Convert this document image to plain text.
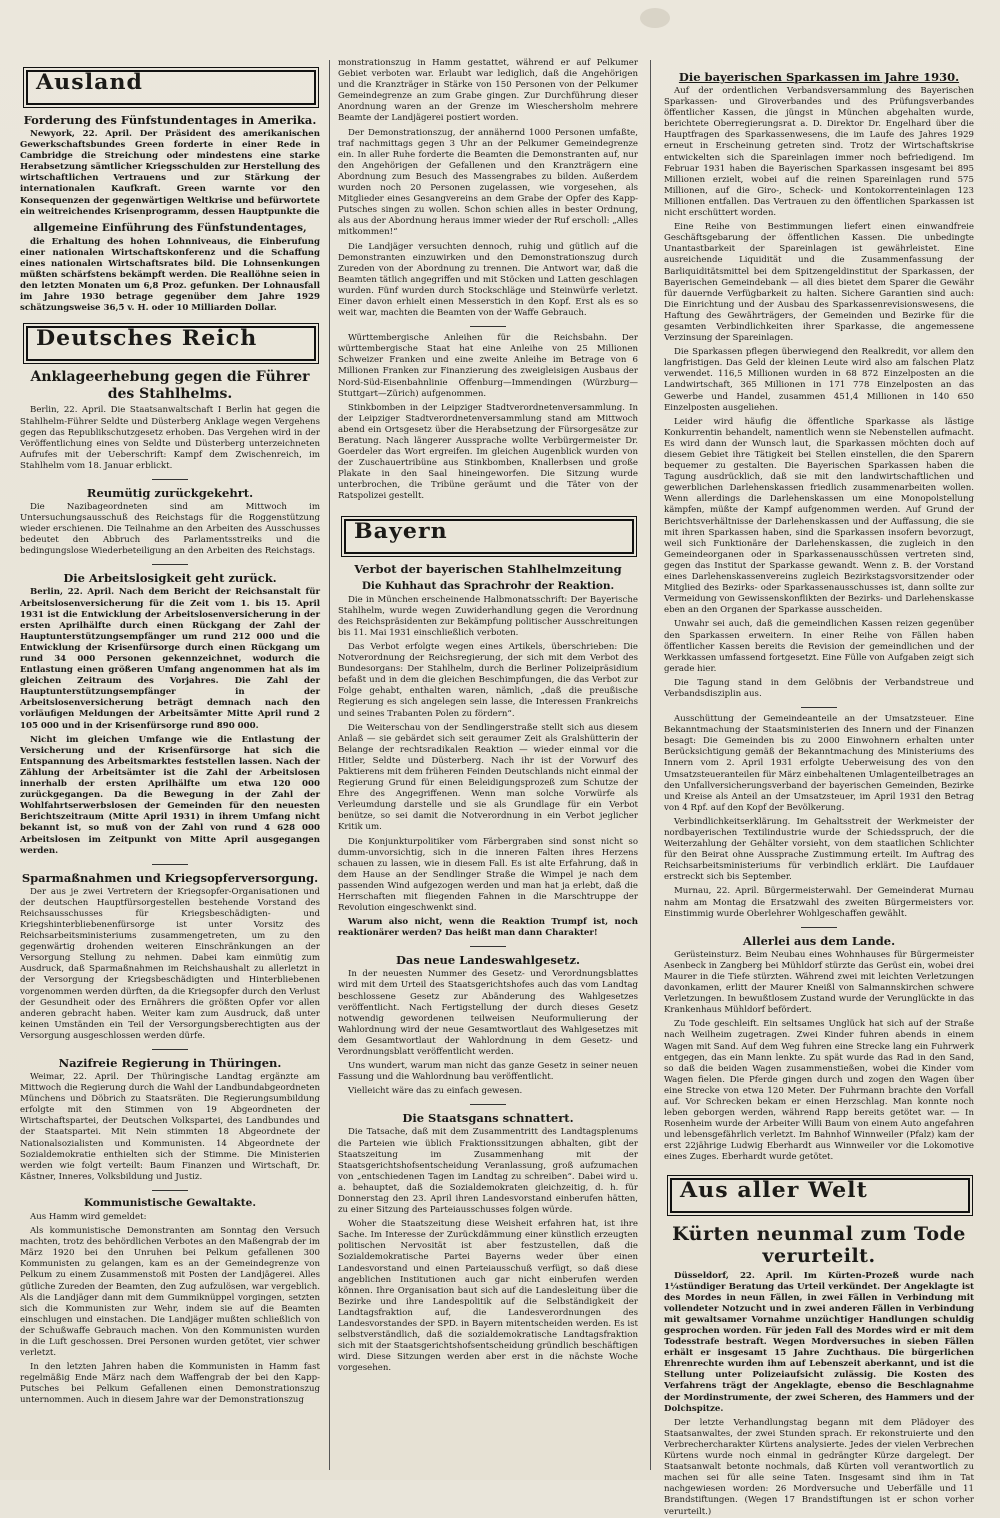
Ausland
Forderung des Fünfstundentages in Amerika.

Newyork, 22. April. Der Präsident des amerikanischen Gewerkschaftsbundes Green forderte in einer Rede in Cambridge die Streichung oder mindestens eine starke Herabsetzung sämtlicher Kriegsschulden zur Herstellung des wirtschaftlichen Vertrauens und zur Stärkung der internationalen Kaufkraft. Green warnte vor den Konsequenzen der gegenwärtigen Weltkrise und befürwortete ein weitreichendes Krisenprogramm, dessen Hauptpunkte die

allgemeine Einführung des Fünfstundentages,

die Erhaltung des hohen Lohnniveaus, die Einberufung einer nationalen Wirtschaftskonferenz und die Schaffung eines nationalen Wirtschaftsrates bild. Die Lohnsenkungen müßten schärfstens bekämpft werden. Die Reallöhne seien in den letzten Monaten um 6,8 Proz. gefunken. Der Lohnausfall im Jahre 1930 betrage gegenüber dem Jahre 1929 schätzungsweise 36,5 v. H. oder 10 Milliarden Dollar.

Deutsches Reich
Anklageerhebung gegen die Führer des Stahlhelms.

Berlin, 22. April. Die Staatsanwaltschaft I Berlin hat gegen die Stahlhelm-Führer Seldte und Düsterberg Anklage wegen Vergehens gegen das Republikschutzgesetz erhoben. Das Vergehen wird in der Veröffentlichung eines von Seldte und Düsterberg unterzeichneten Aufrufes mit der Ueberschrift: Kampf dem Zwischenreich, im Stahlhelm vom 18. Januar erblickt.

Reumütig zurückgekehrt.

Die Nazibageordneten sind am Mittwoch im Untersuchungsausschuß des Reichstags für die Roggenstützung wieder erschienen. Die Teilnahme an den Arbeiten des Ausschusses bedeutet den Abbruch des Parlamentsstreiks und die bedingungslose Wiederbeteiligung an den Arbeiten des Reichstags.

Die Arbeitslosigkeit geht zurück.

Berlin, 22. April. Nach dem Bericht der Reichsanstalt für Arbeitslosenversicherung für die Zeit vom 1. bis 15. April 1931 ist die Entwicklung der Arbeitslosenversicherung in der ersten Aprilhälfte durch einen Rückgang der Zahl der Hauptunterstützungsempfänger um rund 212 000 und die Entwicklung der Krisenfürsorge durch einen Rückgang um rund 34 000 Personen gekennzeichnet, wodurch die Entlastung einen größeren Umfang angenommen hat als im gleichen Zeitraum des Vorjahres. Die Zahl der Hauptunterstützungsempfänger in der Arbeitslosenversicherung beträgt demnach nach den vorläufigen Meldungen der Arbeitsämter Mitte April rund 2 105 000 und in der Krisenfürsorge rund 890 000.

Nicht im gleichen Umfange wie die Entlastung der Versicherung und der Krisenfürsorge hat sich die Entspannung des Arbeitsmarktes feststellen lassen. Nach der Zählung der Arbeitsämter ist die Zahl der Arbeitslosen innerhalb der ersten Aprilhälfte um etwa 120 000 zurückgegangen. Da die Bewegung in der Zahl der Wohlfahrtserwerbslosen der Gemeinden für den neuesten Berichtszeitraum (Mitte April 1931) in ihrem Umfang nicht bekannt ist, so muß von der Zahl von rund 4 628 000 Arbeitslosen im Zeitpunkt von Mitte April ausgegangen werden.

Sparmaßnahmen und Kriegsopferversorgung.

Der aus je zwei Vertretern der Kriegsopfer-Organisationen und der deutschen Hauptfürsorgestellen bestehende Vorstand des Reichsausschusses für Kriegsbeschädigten- und Kriegshinterbliebenenfürsorge ist unter Vorsitz des Reichsarbeitsministeriums zusammengetreten, um zu den gegenwärtig drohenden weiteren Einschränkungen an der Versorgung Stellung zu nehmen. Dabei kam einmütig zum Ausdruck, daß Sparmaßnahmen im Reichshaushalt zu allerletzt in der Versorgung der Kriegsbeschädigten und Hinterbliebenen vorgenommen werden dürften, da die Kriegsopfer durch den Verlust der Gesundheit oder des Ernährers die größten Opfer vor allen anderen gebracht haben. Weiter kam zum Ausdruck, daß unter keinen Umständen ein Teil der Versorgungsberechtigten aus der Versorgung ausgeschlossen werden dürfe.

Nazifreie Regierung in Thüringen.

Weimar, 22. April. Der Thüringische Landtag ergänzte am Mittwoch die Regierung durch die Wahl der Landbundabgeordneten Münchens und Döbrich zu Staatsräten. Die Regierungsumbildung erfolgte mit den Stimmen von 19 Abgeordneten der Wirtschaftspartei, der Deutschen Volkspartei, des Landbundes und der Staatspartei. Mit Nein stimmten 18 Abgeordnete der Nationalsozialisten und Kommunisten. 14 Abgeordnete der Sozialdemokratie enthielten sich der Stimme. Die Ministerien werden wie folgt verteilt: Baum Finanzen und Wirtschaft, Dr. Kästner, Inneres, Volksbildung und Justiz.

Kommunistische Gewaltakte.

Aus Hamm wird gemeldet:

Als kommunistische Demonstranten am Sonntag den Versuch machten, trotz des behördlichen Verbotes an den Maßengrab der im März 1920 bei den Unruhen bei Pelkum gefallenen 300 Kommunisten zu gelangen, kam es an der Gemeindegrenze von Pelkum zu einem Zusammenstoß mit Posten der Landjägerei. Alles gütliche Zureden der Beamten, den Zug aufzulösen, war vergeblich. Als die Landjäger dann mit dem Gummiknüppel vorgingen, setzten sich die Kommunisten zur Wehr, indem sie auf die Beamten einschlugen und einstachen. Die Landjäger mußten schließlich von der Schußwaffe Gebrauch machen. Von den Kommunisten wurden in die Luft geschossen. Drei Personen wurden getötet, vier schwer verletzt.

In den letzten Jahren haben die Kommunisten in Hamm fast regelmäßig Ende März nach dem Waffengrab der bei den Kapp-Putsches bei Pelkum Gefallenen einen Demonstrationszug unternommen. Auch in diesem Jahre war der Demonstrationszug

monstrationszug in Hamm gestattet, während er auf Pelkumer Gebiet verboten war. Erlaubt war lediglich, daß die Angehörigen und die Kranzträger in Stärke von 150 Personen von der Pelkumer Gemeindegrenze an zum Grabe gingen. Zur Durchführung dieser Anordnung waren an der Grenze im Wieschersholm mehrere Beamte der Landjägerei postiert worden.

Der Demonstrationszug, der annähernd 1000 Personen umfaßte, traf nachmittags gegen 3 Uhr an der Pelkumer Gemeindegrenze ein. In aller Ruhe forderte die Beamten die Demonstranten auf, nur den Angehörigen der Gefallenen und den Kranzträgern eine Abordnung zum Besuch des Massengrabes zu bilden. Außerdem wurden noch 20 Personen zugelassen, wie vorgesehen, als Mitglieder eines Gesangvereins an dem Grabe der Opfer des Kapp-Putsches singen zu wollen. Schon schien alles in bester Ordnung, als aus der Abordnung heraus immer wieder der Ruf erscholl: „Alles mitkommen!“

Die Landjäger versuchten dennoch, ruhig und gütlich auf die Demonstranten einzuwirken und den Demonstrationszug durch Zureden von der Abordnung zu trennen. Die Antwort war, daß die Beamten tätlich angegriffen und mit Stöcken und Latten geschlagen wurden. Fünf wurden durch Stockschläge und Steinwürfe verletzt. Einer davon erhielt einen Messerstich in den Kopf. Erst als es so weit war, machten die Beamten von der Waffe Gebrauch.

Württembergische Anleihen für die Reichsbahn. Der württembergische Staat hat eine Anleihe von 25 Millionen Schweizer Franken und eine zweite Anleihe im Betrage von 6 Millionen Franken zur Finanzierung des zweigleisigen Ausbaus der Nord-Süd-Eisenbahnlinie Offenburg—Immendingen (Würzburg—Stuttgart—Zürich) aufgenommen.

Stinkbomben in der Leipziger Stadtverordnetenversammlung. In der Leipziger Stadtverordnetenversammlung stand am Mittwoch abend ein Ortsgesetz über die Herabsetzung der Fürsorgesätze zur Beratung. Nach längerer Aussprache wollte Verbürgermeister Dr. Goerdeler das Wort ergreifen. Im gleichen Augenblick wurden von der Zuschauertribüne aus Stinkbomben, Knallerbsen und große Plakate in den Saal hineingeworfen. Die Sitzung wurde unterbrochen, die Tribüne geräumt und die Täter von der Ratspolizei gestellt.

Bayern
Verbot der bayerischen Stahlhelmzeitung
Die Kuhhaut das Sprachrohr der Reaktion.

Die in München erscheinende Halbmonatsschrift: Der Bayerische Stahlhelm, wurde wegen Zuwiderhandlung gegen die Verordnung des Reichspräsidenten zur Bekämpfung politischer Ausschreitungen bis 11. Mai 1931 einschließlich verboten.

Das Verbot erfolgte wegen eines Artikels, überschrieben: Die Notverordnung der Reichsregierung, der sich mit dem Verbot des Bundesorgans: Der Stahlhelm, durch die Berliner Polizeipräsidium befaßt und in dem die gleichen Beschimpfungen, die das Verbot zur Folge gehabt, enthalten waren, nämlich, „daß die preußische Regierung es sich angelegen sein lasse, die Interessen Frankreichs und seines Trabanten Polen zu fördern“.

Die Weiterschau von der Sendlingerstraße stellt sich aus diesem Anlaß — sie gebärdet sich seit geraumer Zeit als Gralshütterin der Belange der rechtsradikalen Reaktion — wieder einmal vor die Hitler, Seldte und Düsterberg. Nach ihr ist der Vorwurf des Paktierens mit dem früheren Feinden Deutschlands nicht einmal der Regierung Grund für einen Beleidigungsprozeß zum Schutze der Ehre des Angegriffenen. Wenn man solche Vorwürfe als Verleumdung darstelle und sie als Grundlage für ein Verbot benütze, so sei damit die Notverordnung in ein Verbot jeglicher Kritik um.

Die Konjunkturpolitiker vom Färbergraben sind sonst nicht so dumm-unvorsichtig, sich in die inneren Falten ihres Herzens schauen zu lassen, wie in diesem Fall. Es ist alte Erfahrung, daß in dem Hause an der Sendlinger Straße die Wimpel je nach dem passenden Wind aufgezogen werden und man hat ja erlebt, daß die Herrschaften mit fliegenden Fahnen in die Marschtruppe der Revolution eingeschwenkt sind.

Warum also nicht, wenn die Reaktion Trumpf ist, noch reaktionärer werden? Das heißt man dann Charakter!

Das neue Landeswahlgesetz.

In der neuesten Nummer des Gesetz- und Verordnungsblattes wird mit dem Urteil des Staatsgerichtshofes auch das vom Landtag beschlossene Gesetz zur Abänderung des Wahlgesetzes veröffentlicht. Nach Fertigstellung der durch dieses Gesetz notwendig gewordenen teilweisen Neuformulierung der Wahlordnung wird der neue Gesamtwortlaut des Wahlgesetzes mit dem Gesamtwortlaut der Wahlordnung in dem Gesetz- und Verordnungsblatt veröffentlicht werden.

Uns wundert, warum man nicht das ganze Gesetz in seiner neuen Fassung und die Wahlordnung bau veröffentlicht.

Vielleicht wäre das zu einfach gewesen.

Die Staatsgans schnattert.

Die Tatsache, daß mit dem Zusammentritt des Landtagsplenums die Parteien wie üblich Fraktionssitzungen abhalten, gibt der Staatszeitung im Zusammenhang mit der Staatsgerichtshofsentscheidung Veranlassung, groß aufzumachen von „entschiedenen Tagen im Landtag zu schreiben“. Dabei wird u. a. behauptet, daß die Sozialdemokraten gleichzeitig, d. h. für Donnerstag den 23. April ihren Landesvorstand einberufen hätten, zu einer Sitzung des Parteiausschusses folgen würde.

Woher die Staatszeitung diese Weisheit erfahren hat, ist ihre Sache. Im Interesse der Zurückdämmung einer künstlich erzeugten politischen Nervosität ist aber festzustellen, daß die Sozialdemokratische Partei Bayerns weder über einen Landesvorstand und einen Parteiausschuß verfügt, so daß diese angeblichen Institutionen auch gar nicht einberufen werden können. Ihre Organisation baut sich auf die Landesleitung über die Bezirke und ihre Landespolitik auf die Selbständigkeit der Landtagsfraktion auf, die Landesverordnungen des Landesvorstandes der SPD. in Bayern mitentscheiden werden. Es ist selbstverständlich, daß die sozialdemokratische Landtagsfraktion sich mit der Staatsgerichtshofsentscheidung gründlich beschäftigen wird. Diese Sitzungen werden aber erst in die nächste Woche vorgesehen.

Die bayerischen Sparkassen im Jahre 1930.

Auf der ordentlichen Verbandsversammlung des Bayerischen Sparkassen- und Giroverbandes und des Prüfungsverbandes öffentlicher Kassen, die jüngst in München abgehalten wurde, berichtete Oberregierungsrat a. D. Direktor Dr. Engelhard über die Hauptfragen des Sparkassenwesens, die im Laufe des Jahres 1929 erneut in Erscheinung getreten sind. Trotz der Wirtschaftskrise entwickelten sich die Spareinlagen immer noch befriedigend. Im Februar 1931 haben die Bayerischen Sparkassen insgesamt bei 895 Millionen erzielt, wobei auf die reinen Spareinlagen rund 575 Millionen, auf die Giro-, Scheck- und Kontokorrenteinlagen 123 Millionen entfallen. Das Vertrauen zu den öffentlichen Sparkassen ist nicht erschüttert worden.

Eine Reihe von Bestimmungen liefert einen einwandfreie Geschäftsgebarung der öffentlichen Kassen. Die unbedingte Unantastbarkeit der Spareinlagen ist gewährleistet. Eine ausreichende Liquidität und die Zusammenfassung der Barliquiditätsmittel bei dem Spitzengeldinstitut der Sparkassen, der Bayerischen Gemeindebank — all dies bietet dem Sparer die Gewähr für dauernde Verfügbarkeit zu halten. Sichere Garantien sind auch: Die Einrichtung und der Ausbau des Sparkassenrevisionswesens, die Haftung des Gewährträgers, der Gemeinden und Bezirke für die gesamten Verbindlichkeiten ihrer Sparkasse, die angemessene Verzinsung der Spareinlagen.

Die Sparkassen pflegen überwiegend den Realkredit, vor allem den langfristigen. Das Geld der kleinen Leute wird also am falschen Platz verwendet. 116,5 Millionen wurden in 68 872 Einzelposten an die Landwirtschaft, 365 Millionen in 171 778 Einzelposten an das Gewerbe und Handel, zusammen 451,4 Millionen in 140 650 Einzelposten ausgeliehen.

Leider wird häufig die öffentliche Sparkasse als lästige Konkurrentin behandelt, namentlich wenn sie Nebenstellen aufmacht. Es wird dann der Wunsch laut, die Sparkassen möchten doch auf diesem Gebiet ihre Tätigkeit bei Stellen einstellen, die den Sparern bequemer zu gestalten. Die Bayerischen Sparkassen haben die Tagung ausdrücklich, daß sie mit den landwirtschaftlichen und gewerblichen Darlehenskassen friedlich zusammenarbeiten wollen. Wenn allerdings die Darlehenskassen um eine Monopolstellung kämpfen, müßte der Kampf aufgenommen werden. Auf Grund der Berichtsverhältnisse der Darlehenskassen und der Auffassung, die sie mit ihren Sparkassen haben, sind die Sparkassen insofern bevorzugt, weil sich Funktionäre der Darlehenskassen, die zugleich in den Gemeindeorganen oder in Sparkassenausschüssen vertreten sind, gegen das Institut der Sparkasse gewandt. Wenn z. B. der Vorstand eines Darlehenskassenvereins zugleich Bezirkstagsvorsitzender oder Mitglied des Bezirks- oder Sparkassenausschusses ist, dann sollte zur Vermeidung von Gewissenskonflikten der Bezirks- und Darlehenskasse eben an den Organen der Sparkasse ausscheiden.

Unwahr sei auch, daß die gemeindlichen Kassen reizen gegenüber den Sparkassen erweitern. In einer Reihe von Fällen haben öffentlicher Kassen bereits die Revision der gemeindlichen und der Werkkassen umfassend fortgesetzt. Eine Fülle von Aufgaben zeigt sich gerade hier.

Die Tagung stand in dem Gelöbnis der Verbandstreue und Verbandsdisziplin aus.

Ausschüttung der Gemeindeanteile an der Umsatzsteuer. Eine Bekanntmachung der Staatsministerien des Innern und der Finanzen besagt: Die Gemeinden bis zu 2000 Einwohnern erhalten unter Berücksichtigung gemäß der Bekanntmachung des Ministeriums des Innern vom 2. April 1931 erfolgte Ueberweisung des von den Umsatzsteueranteilen für März einbehaltenen Umlagenteilbetrages an den Unfallversicherungsverband der bayerischen Gemeinden, Bezirke und Kreise als Anteil an der Umsatzsteuer, im April 1931 den Betrag von 4 Rpf. auf den Kopf der Bevölkerung.

Verbindlichkeitserklärung. Im Gehaltsstreit der Werkmeister der nordbayerischen Textilindustrie wurde der Schiedsspruch, der die Weiterzahlung der Gehälter vorsieht, von dem staatlichen Schlichter für den Beirat ohne Aussprache Zustimmung erteilt. Im Auftrag des Reichsarbeitsministeriums für verbindlich erklärt. Die Laufdauer erstreckt sich bis September.

Murnau, 22. April. Bürgermeisterwahl. Der Gemeinderat Murnau nahm am Montag die Ersatzwahl des zweiten Bürgermeisters vor. Einstimmig wurde Oberlehrer Wohlgeschaffen gewählt.

Allerlei aus dem Lande.

Gerüsteinsturz. Beim Neubau eines Wohnhauses für Bürgermeister Asenbeck in Zangberg bei Mühldorf stürzte das Gerüst ein, wobei drei Maurer in die Tiefe stürzten. Während zwei mit leichten Verletzungen davonkamen, erlitt der Maurer Kneißl von Salmannskirchen schwere Verletzungen. In bewußtlosem Zustand wurde der Verunglückte in das Krankenhaus Mühldorf befördert.

Zu Tode geschleift. Ein seltsames Unglück hat sich auf der Straße nach Weilheim zugetragen. Zwei Kinder fuhren abends in einem Wagen mit Sand. Auf dem Weg fuhren eine Strecke lang ein Fuhrwerk entgegen, das ein Mann lenkte. Zu spät wurde das Rad in den Sand, so daß die beiden Wagen zusammenstießen, wobei die Kinder vom Wagen fielen. Die Pferde gingen durch und zogen den Wagen über eine Strecke von etwa 120 Meter. Der Fuhrmann brachte den Vorfall auf. Vor Schrecken bekam er einen Herzschlag. Man konnte noch leben geborgen werden, während Rapp bereits getötet war. — In Rosenheim wurde der Arbeiter Willi Baum von einem Auto angefahren und lebensgefährlich verletzt. Im Bahnhof Winnweiler (Pfalz) kam der erst 22jährige Ludwig Eberhardt aus Winnweiler vor die Lokomotive eines Zuges. Eberhardt wurde getötet.

Aus aller Welt
Kürten neunmal zum Tode verurteilt.

Düsseldorf, 22. April. Im Kürten-Prozeß wurde nach 1¼stündiger Beratung das Urteil verkündet. Der Angeklagte ist des Mordes in neun Fällen, in zwei Fällen in Verbindung mit vollendeter Notzucht und in zwei anderen Fällen in Verbindung mit gewaltsamer Vornahme unzüchtiger Handlungen schuldig gesprochen worden. Für jeden Fall des Mordes wird er mit dem Todesstrafe bestraft. Wegen Mordversuches in sieben Fällen erhält er insgesamt 15 Jahre Zuchthaus. Die bürgerlichen Ehrenrechte wurden ihm auf Lebenszeit aberkannt, und ist die Stellung unter Polizeiaufsicht zulässig. Die Kosten des Verfahrens trägt der Angeklagte, ebenso die Beschlagnahme der Mordinstrumente, der zwei Scheren, des Hammers und der Dolchspitze.

Der letzte Verhandlungstag begann mit dem Plädoyer des Staatsanwaltes, der zwei Stunden sprach. Er rekonstruierte und den Verbrechercharakter Kürtens analysierte. Jedes der vielen Verbrechen Kürtens wurde noch einmal in gedrängter Kürze dargelegt. Der Staatsanwalt betonte nochmals, daß Kürten voll verantwortlich zu machen sei für alle seine Taten. Insgesamt sind ihm in Tat nachgewiesen worden: 26 Mordversuche und Ueberfälle und 11 Brandstiftungen. (Wegen 17 Brandstiftungen ist er schon vorher verurteilt.)
